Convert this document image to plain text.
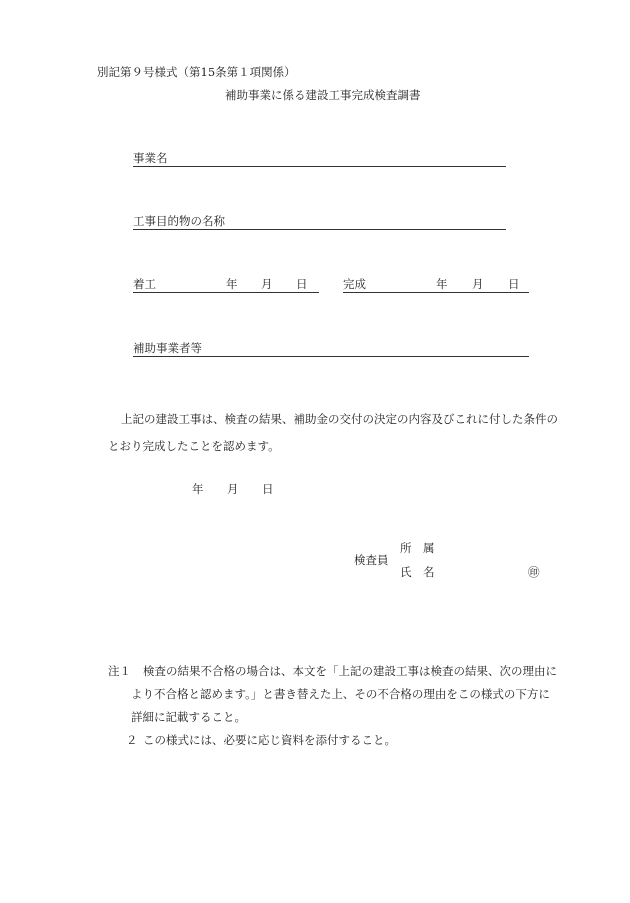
別記第９号様式（第15条第１項関係）
補助事業に係る建設工事完成検査調書
事業名
工事目的物の名称
着工	年 月 日	完成	年 月 日
補助事業者等
上記の建設工事は、検査の結果、補助金の交付の決定の内容及びこれに付した条件の
とおり完成したことを認めます。
年 月 日
検査員
所　属
氏　名	㊞
注１ 検査の結果不合格の場合は、本文を「上記の建設工事は検査の結果、次の理由に
より不合格と認めます。」と書き替えた上、その不合格の理由をこの様式の下方に
詳細に記載すること。
２ この様式には、必要に応じ資料を添付すること。
